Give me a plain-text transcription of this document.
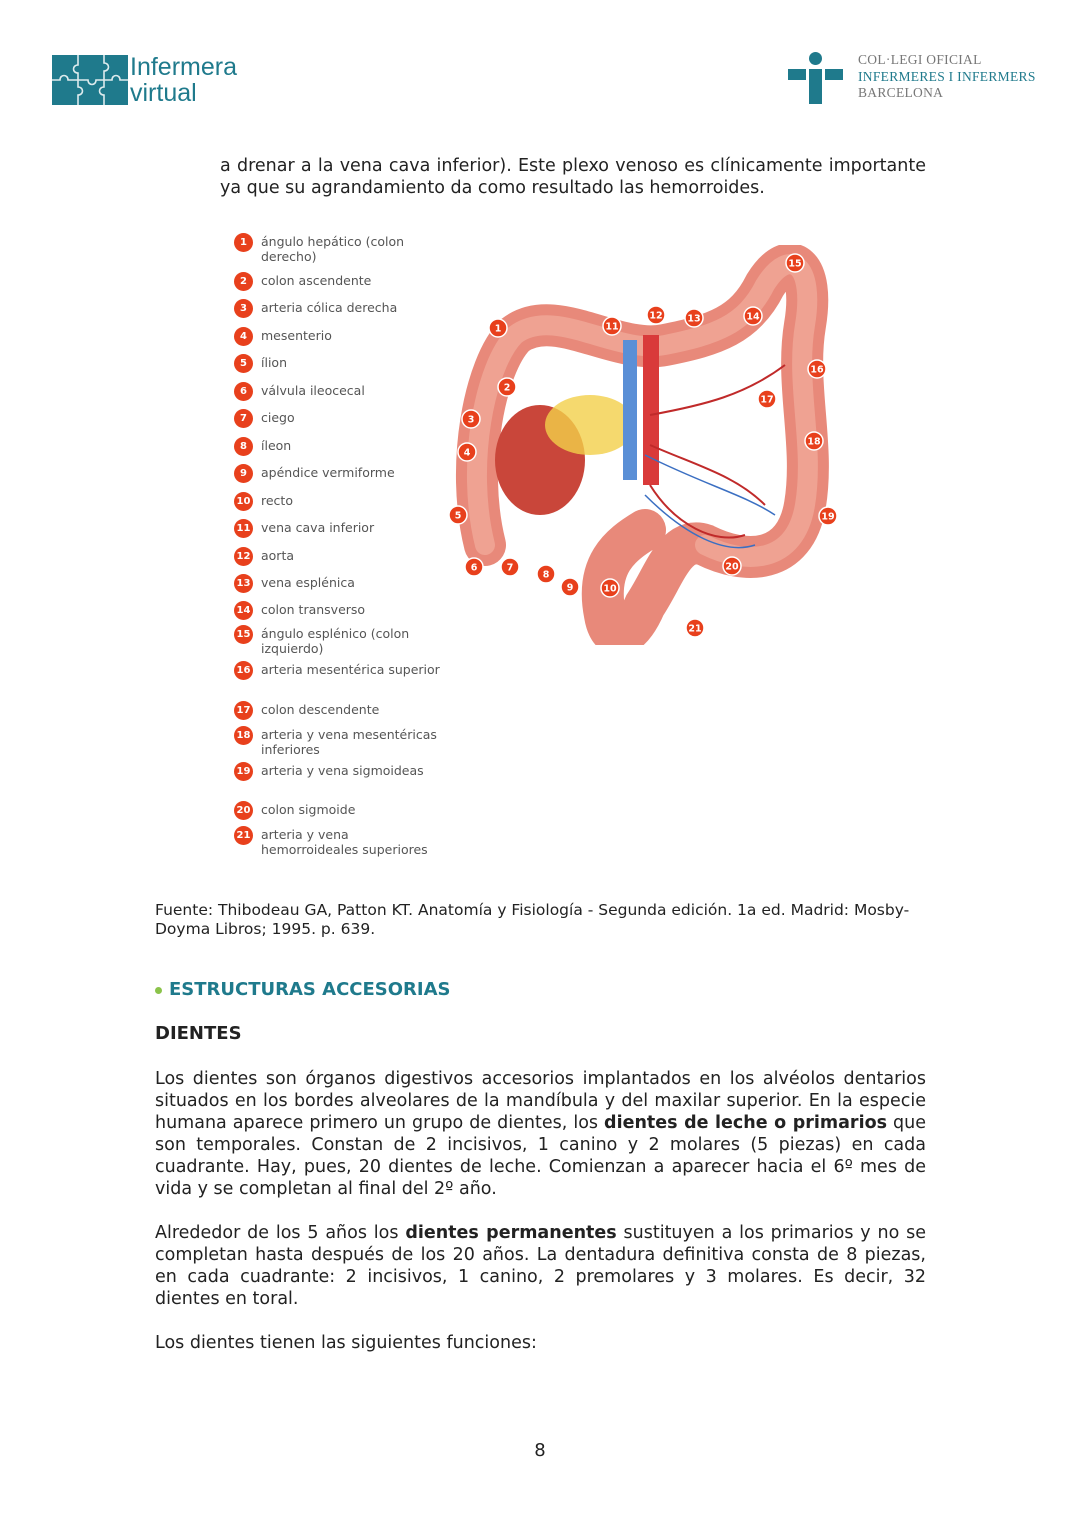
Infermera
virtual
COL·LEGI OFICIAL
INFERMERES I INFERMERS
BARCELONA
a drenar a la vena cava inferior). Este plexo venoso es clínicamente importante ya que su agrandamiento da como resultado las hemorroides.
1	ángulo hepático (colon derecho)
2	colon ascendente
3	arteria cólica derecha
4	mesenterio
5	ílion
6	válvula ileocecal
7	ciego
8	íleon
9	apéndice vermiforme
10 recto
11 vena cava inferior
12 aorta
13 vena esplénica
14 colon transverso
15 ángulo esplénico (colon izquierdo)
16 arteria mesentérica superior
17 colon descendente
18 arteria y vena mesentéricas inferiores
19 arteria y vena sigmoideas
20 colon sigmoide
21 arteria y vena hemorroideales superiores
1
2
3
4
5
6	7
8
9	10
11
12	13	14
15
16
17
18
19
20
21
Fuente: Thibodeau GA, Patton KT. Anatomía y Fisiología - Segunda edición. 1a ed. Madrid: Mosby-Doyma Libros; 1995. p. 639.
ESTRUCTURAS ACCESORIAS
DIENTES
Los dientes son órganos digestivos accesorios implantados en los alvéolos dentarios situados en los bordes alveolares de la mandíbula y del maxilar superior. En la especie humana aparece primero un grupo de dientes, los dientes de leche o primarios que son temporales. Constan de 2 incisivos, 1 canino y 2 molares (5 piezas) en cada cuadrante. Hay, pues, 20 dientes de leche. Comienzan a aparecer hacia el 6º mes de vida y se completan al final del 2º año.
Alrededor de los 5 años los dientes permanentes sustituyen a los primarios y no se completan hasta después de los 20 años. La dentadura definitiva consta de 8 piezas, en cada cuadrante: 2 incisivos, 1 canino, 2 premolares y 3 molares. Es decir, 32 dientes en toral.
Los dientes tienen las siguientes funciones:
8
